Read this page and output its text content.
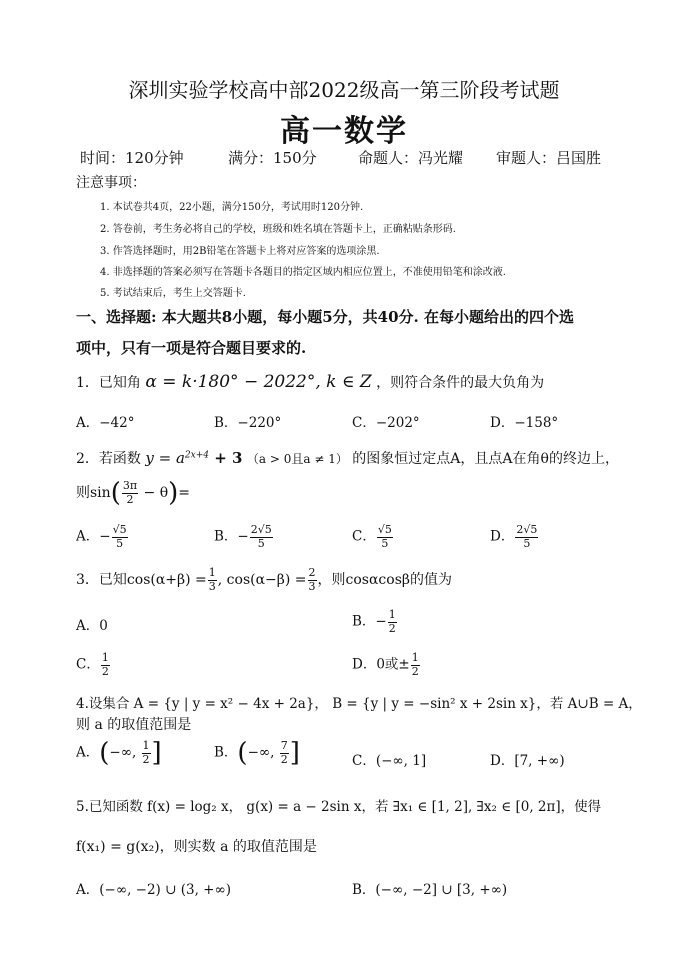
深圳实验学校高中部2022级高一第三阶段考试题
高一数学
时间：120分钟	满分：150分	命题人：冯光耀 审题人：吕国胜
注意事项：
1. 本试卷共4页，22小题，满分150分，考试用时120分钟.
2. 答卷前，考生务必将自己的学校，班级和姓名填在答题卡上，正确粘贴条形码.
3. 作答选择题时，用2B铅笔在答题卡上将对应答案的选项涂黑.
4. 非选择题的答案必须写在答题卡各题目的指定区域内相应位置上，不准使用铅笔和涂改液.
5. 考试结束后，考生上交答题卡.
一、选择题: 本大题共8小题，每小题5分，共40分. 在每小题给出的四个选
项中，只有一项是符合题目要求的.
1．已知角 α = k·180° − 2022°, k ∈ Z ，则符合条件的最大负角为
A．−42°	B．−220°	C．−202°	D．−158°
2．若函数 $y = a^{2x+4} + 3$ （a > 0且a ≠ 1） 的图象恒过定点A，且点A在角θ的终边上，
则$\sin( \frac{3\pi}{2} - \theta)=$
A．− $\frac{√5}{5}$	B．− $\frac{2√5}{5}$	C． $\frac{√5}{5}$	D． $\frac{2√5}{5}$
3．已知$\cos(\alpha+\beta) = \frac{1}{3}$ , $\cos(\alpha-\beta) = \frac{2}{3}$ ，则cosαcosβ的值为
A．0	B．− $\frac{1}{2}$
C． $\frac{1}{2}$	D．0或± $\frac{1}{2}$
4.设集合 A = {y | y = x² − 4x + 2a}， B = {y | y = −sin² x + 2sin x}，若 A∪B = A，
则 a 的取值范围是
A．(−∞, $\frac{1}{2}$ ]	B．(−∞, $\frac{7}{2}$ ]	C．(−∞, 1]	D．[7, +∞)
5.已知函数 f(x) = log₂ x， g(x) = a − 2sin x，若 ∃x₁ ∈ [1, 2], ∃x₂ ∈ [0, 2π]，使得
f(x₁) = g(x₂)，则实数 a 的取值范围是
A．(−∞, −2) ∪ (3, +∞)	B．(−∞, −2] ∪ [3, +∞)
